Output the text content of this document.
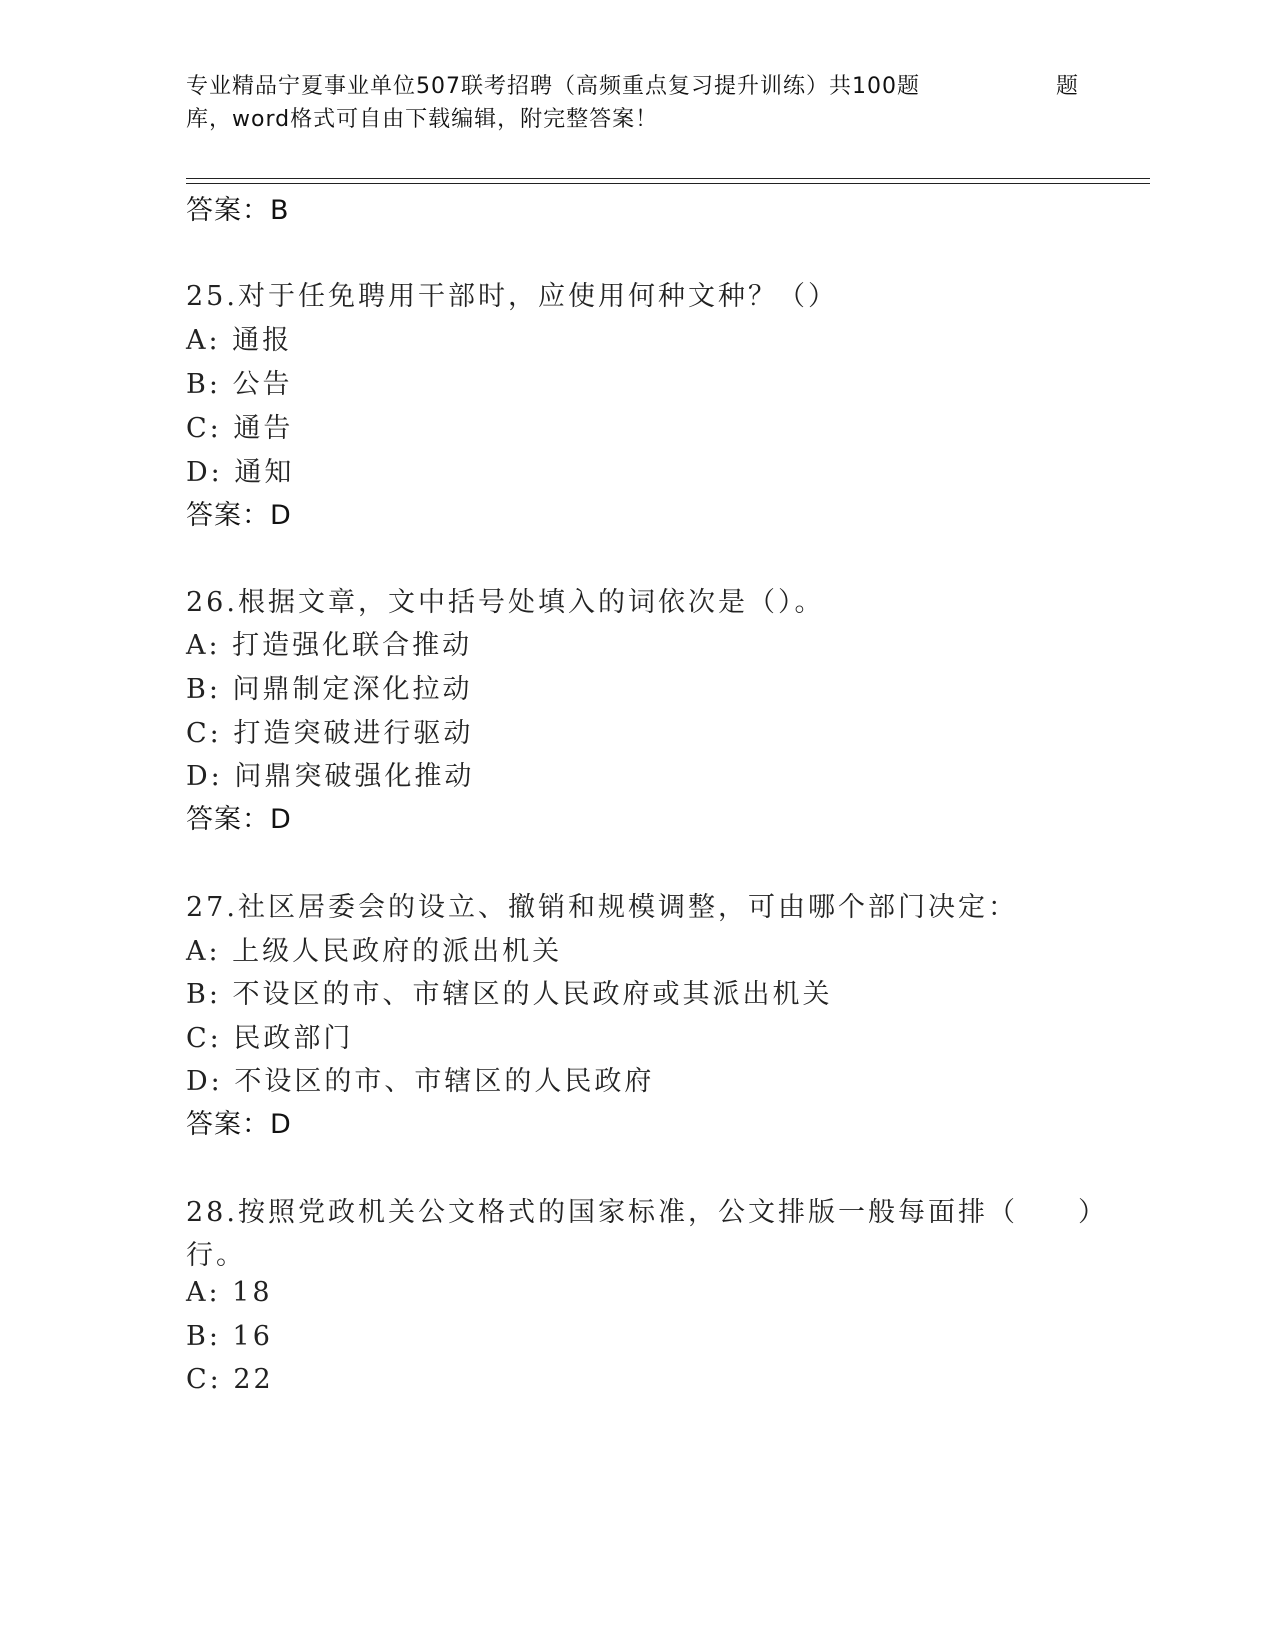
专业精品宁夏事业单位507联考招聘（高频重点复习提升训练）共100题	题
库，word格式可自由下载编辑，附完整答案！
答案：B
25.对于任免聘用干部时，应使用何种文种？（）
A: 通报
B: 公告
C: 通告
D: 通知
答案：D
26.根据文章，文中括号处填入的词依次是（）。
A: 打造强化联合推动
B: 问鼎制定深化拉动
C: 打造突破进行驱动
D: 问鼎突破强化推动
答案：D
27.社区居委会的设立、撤销和规模调整，可由哪个部门决定：
A: 上级人民政府的派出机关
B: 不设区的市、市辖区的人民政府或其派出机关
C: 民政部门
D: 不设区的市、市辖区的人民政府
答案：D
28.按照党政机关公文格式的国家标准，公文排版一般每面排（　　）
行。
A: 18
B: 16
C: 22
